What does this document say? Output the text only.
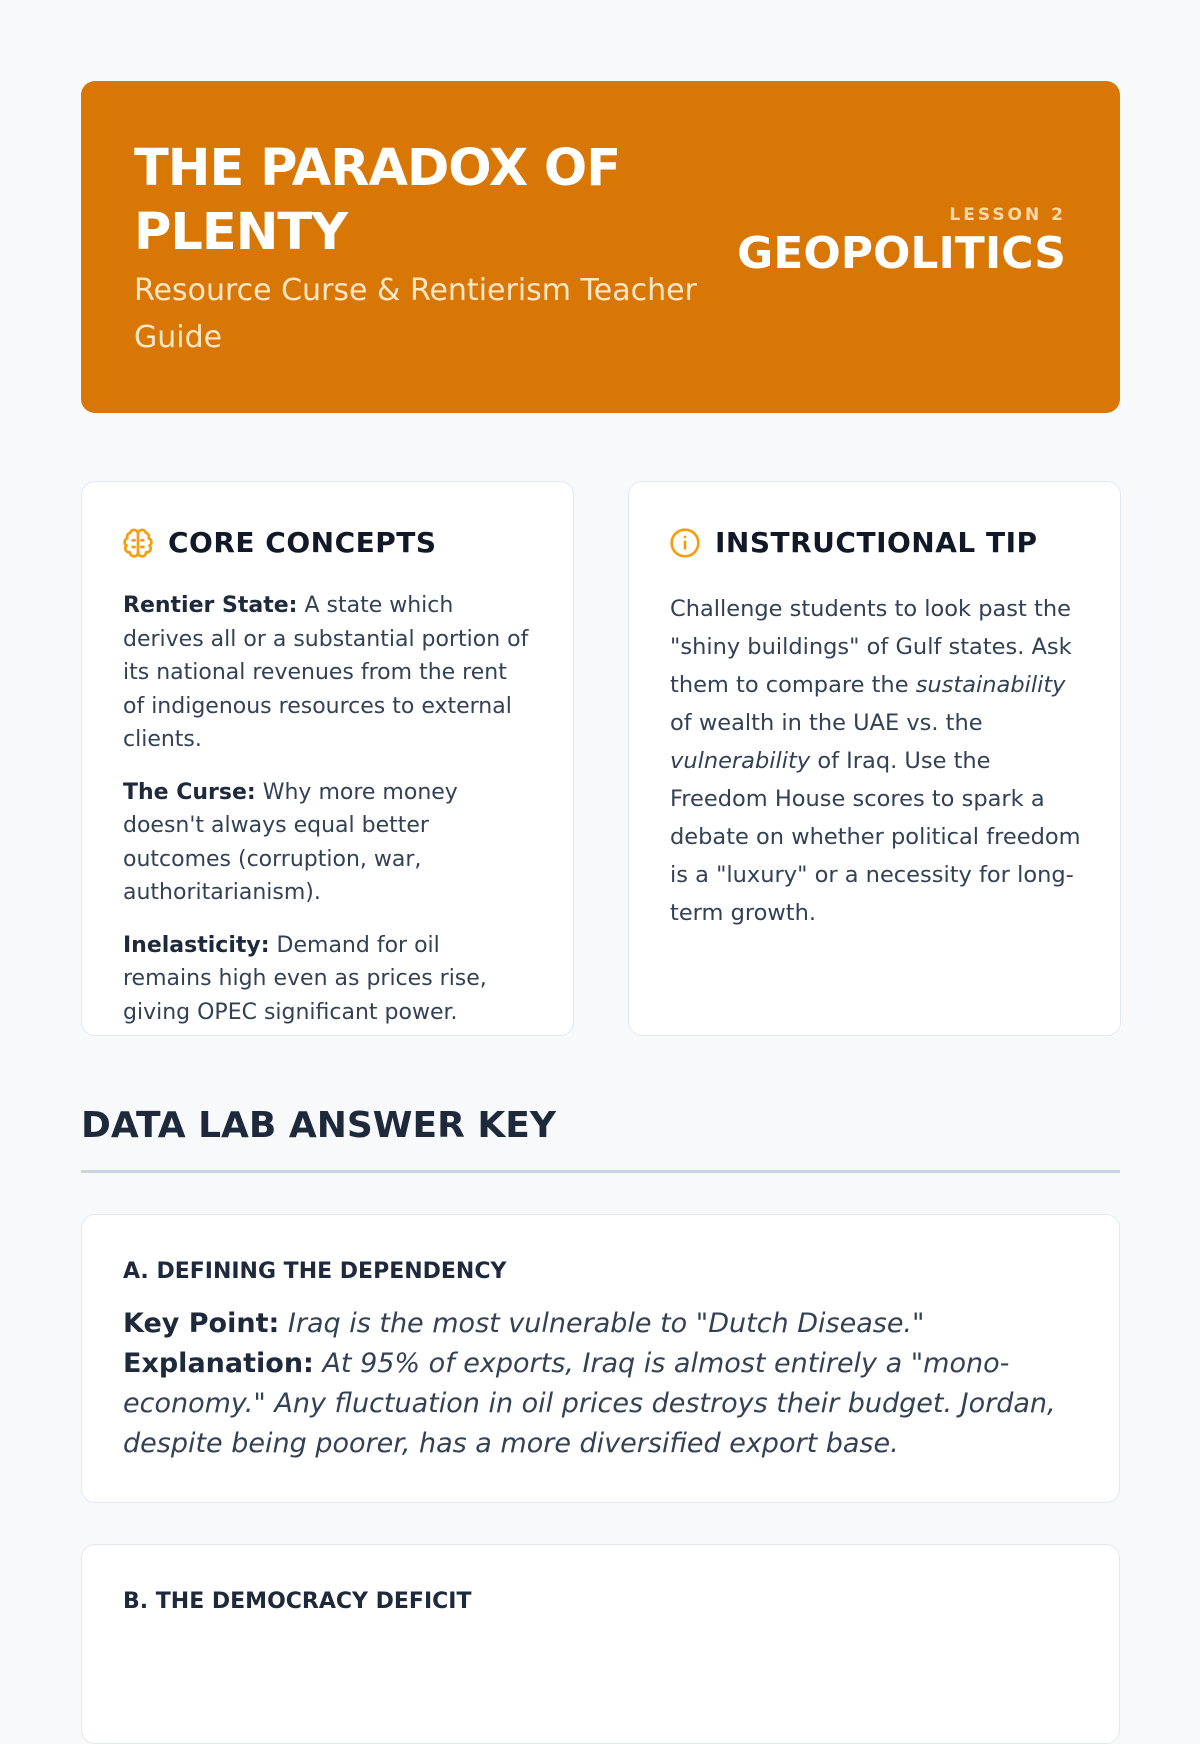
THE PARADOX OF PLENTY

Resource Curse & Rentierism Teacher Guide

LESSON 2
GEOPOLITICS
CORE CONCEPTS

Rentier State: A state which derives all or a substantial portion of its national revenues from the rent of indigenous resources to external clients.

The Curse: Why more money doesn't always equal better outcomes (corruption, war, authoritarianism).

Inelasticity: Demand for oil remains high even as prices rise, giving OPEC significant power.

INSTRUCTIONAL TIP

Challenge students to look past the "shiny buildings" of Gulf states. Ask them to compare the sustainability of wealth in the UAE vs. the vulnerability of Iraq. Use the Freedom House scores to spark a debate on whether political freedom is a "luxury" or a necessity for long-term growth.

DATA LAB ANSWER KEY
A. DEFINING THE DEPENDENCY
Key Point: Iraq is the most vulnerable to "Dutch Disease."
Explanation: At 95% of exports, Iraq is almost entirely a "mono-economy." Any fluctuation in oil prices destroys their budget. Jordan, despite being poorer, has a more diversified export base.
B. THE DEMOCRACY DEFICIT
